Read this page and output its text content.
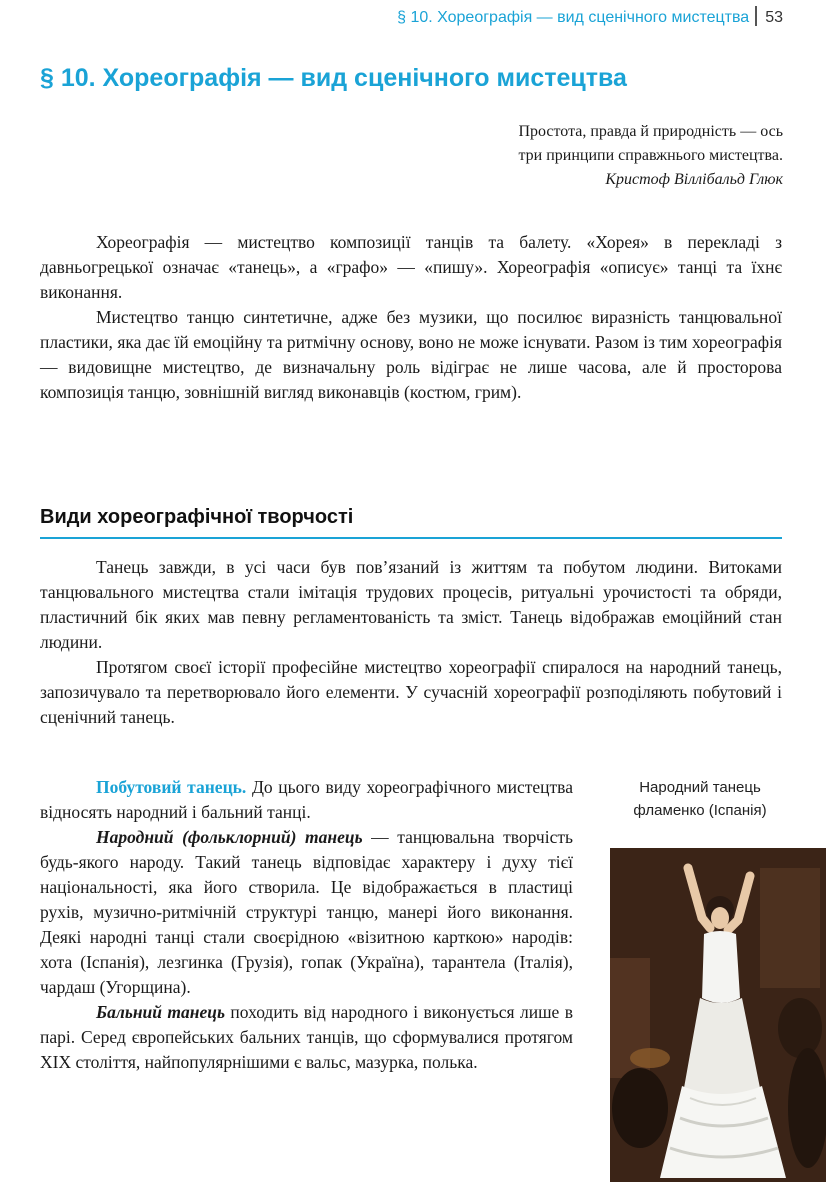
§ 10. Хореографія — вид сценічного мистецтва 53
§ 10. Хореографія — вид сценічного мистецтва
Простота, правда й природність — ось
три принципи справжнього мистецтва.
Кристоф Віллібальд Глюк

Хореографія — мистецтво композиції танців та балету. «Хорея» в перекладі з давньогрецької означає «танець», а «графо» — «пишу». Хореографія «описує» танці та їхнє виконання.

Мистецтво танцю синтетичне, адже без музики, що посилює виразність танцювальної пластики, яка дає їй емоційну та ритмічну основу, воно не може існувати. Разом із тим хореографія — видовищне мистецтво, де визначальну роль відіграє не лише часова, але й просторова композиція танцю, зовнішній вигляд виконавців (костюм, грим).

Види хореографічної творчості

Танець завжди, в усі часи був пов’язаний із життям та побутом людини. Витоками танцювального мистецтва стали імітація трудових процесів, ритуальні урочистості та обряди, пластичний бік яких мав певну регламентованість та зміст. Танець відображав емоційний стан людини.

Протягом своєї історії професійне мистецтво хореографії спиралося на народний танець, запозичувало та перетворювало його елементи. У сучасній хореографії розподіляють побутовий і сценічний танець.

Побутовий танець. До цього виду хореографічного мистецтва відносять народний і бальний танці.

Народний (фольклорний) танець — танцювальна творчість будь-якого народу. Такий танець відповідає характеру і духу тієї національності, яка його створила. Це відображається в пластиці рухів, музично-ритмічній структурі танцю, манері його виконання. Деякі народні танці стали своєрідною «візитною карткою» народів: хота (Іспанія), лезгинка (Грузія), гопак (Україна), тарантела (Італія), чардаш (Угорщина).

Бальний танець походить від народного і виконується лише в парі. Серед європейських бальних танців, що сформувалися протягом XIX століття, найпопулярнішими є вальс, мазурка, полька.

Народний танець
фламенко (Іспанія)
